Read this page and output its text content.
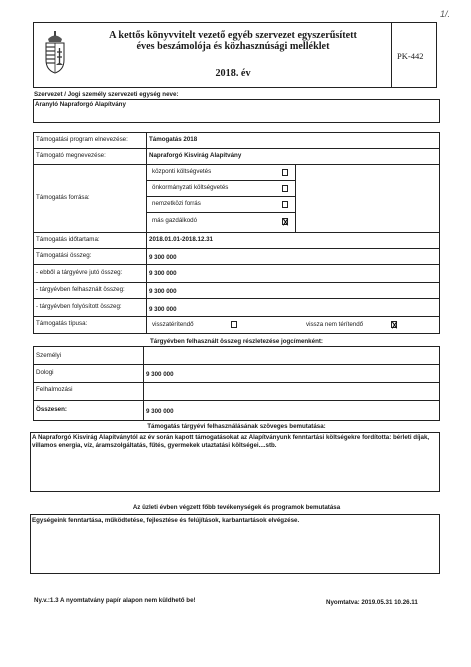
1/.
A kettős könyvvitelt vezető egyéb szervezet egyszerűsített
éves beszámolója és közhasznúsági melléklet
2018. év
PK-442
Szervezet / Jogi személy szervezeti egység neve:
Aranyló Napraforgó Alapítvány
Támogatási program elnevezése:	Támogatás 2018
Támogató megnevezése:	Napraforgó Kisvirág Alapítvány
Támogatás forrása:
központi költségvetés
önkormányzati költségvetés
nemzetközi forrás
más gazdálkodó
Támogatás időtartama:	2018.01.01-2018.12.31
Támogatási összeg:	9 300 000
- ebből a tárgyévre jutó összeg:	9 300 000
- tárgyévben felhasznált összeg:	9 300 000
- tárgyévben folyósított összeg:	9 300 000
Támogatás típusa:	visszatérítendő	vissza nem térítendő
Tárgyévben felhasznált összeg részletezése jogcímenként:
Személyi
Dologi	9 300 000
Felhalmozási
Összesen:	9 300 000
Támogatás tárgyévi felhasználásának szöveges bemutatása:
A Napraforgó Kisvirág Alapítványtól az év során kapott támogatásokat az Alapítványunk fenntartási költségekre fordította: bérleti díjak, villamos energia, víz, áramszolgáltatás, fűtés, gyermekek utaztatási költségei....stb.
Az üzleti évben végzett főbb tevékenységek és programok bemutatása
Egységeink fenntartása, működtetése, fejlesztése és felújítások, karbantartások elvégzése.
Ny.v.:1.3 A nyomtatvány papír alapon nem küldhető be!	Nyomtatva: 2019.05.31 10.26.11
